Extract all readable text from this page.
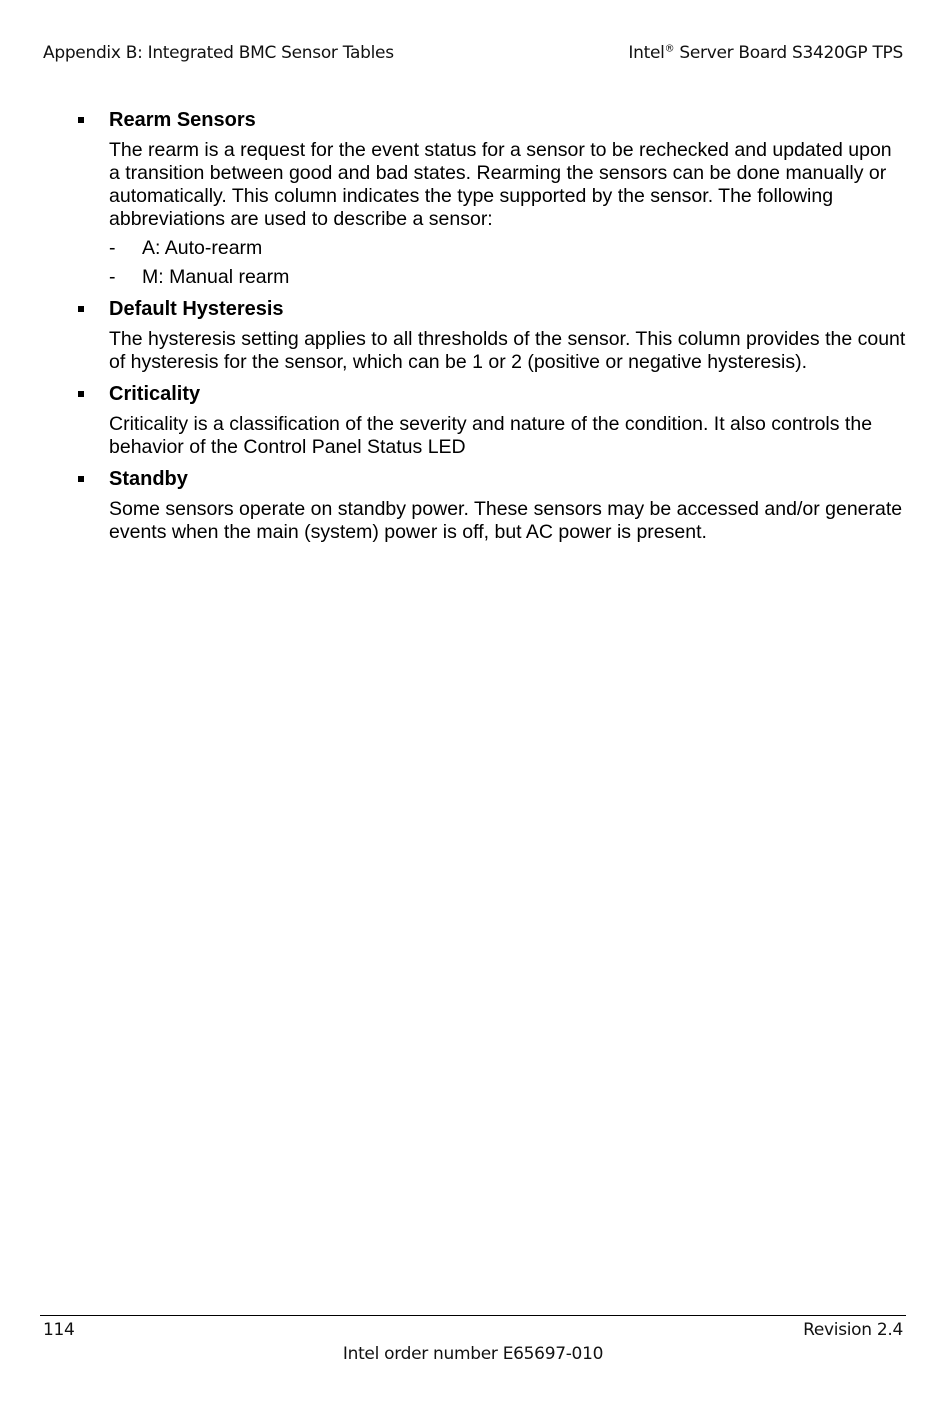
Appendix B: Integrated BMC Sensor Tables	Intel® Server Board S3420GP TPS
Rearm Sensors
The rearm is a request for the event status for a sensor to be rechecked and updated upon a transition between good and bad states. Rearming the sensors can be done manually or automatically. This column indicates the type supported by the sensor. The following abbreviations are used to describe a sensor:
-	A: Auto-rearm
-	M: Manual rearm
Default Hysteresis
The hysteresis setting applies to all thresholds of the sensor. This column provides the count of hysteresis for the sensor, which can be 1 or 2 (positive or negative hysteresis).
Criticality
Criticality is a classification of the severity and nature of the condition. It also controls the behavior of the Control Panel Status LED
Standby
Some sensors operate on standby power. These sensors may be accessed and/or generate events when the main (system) power is off, but AC power is present.
114	Revision 2.4
Intel order number E65697-010
